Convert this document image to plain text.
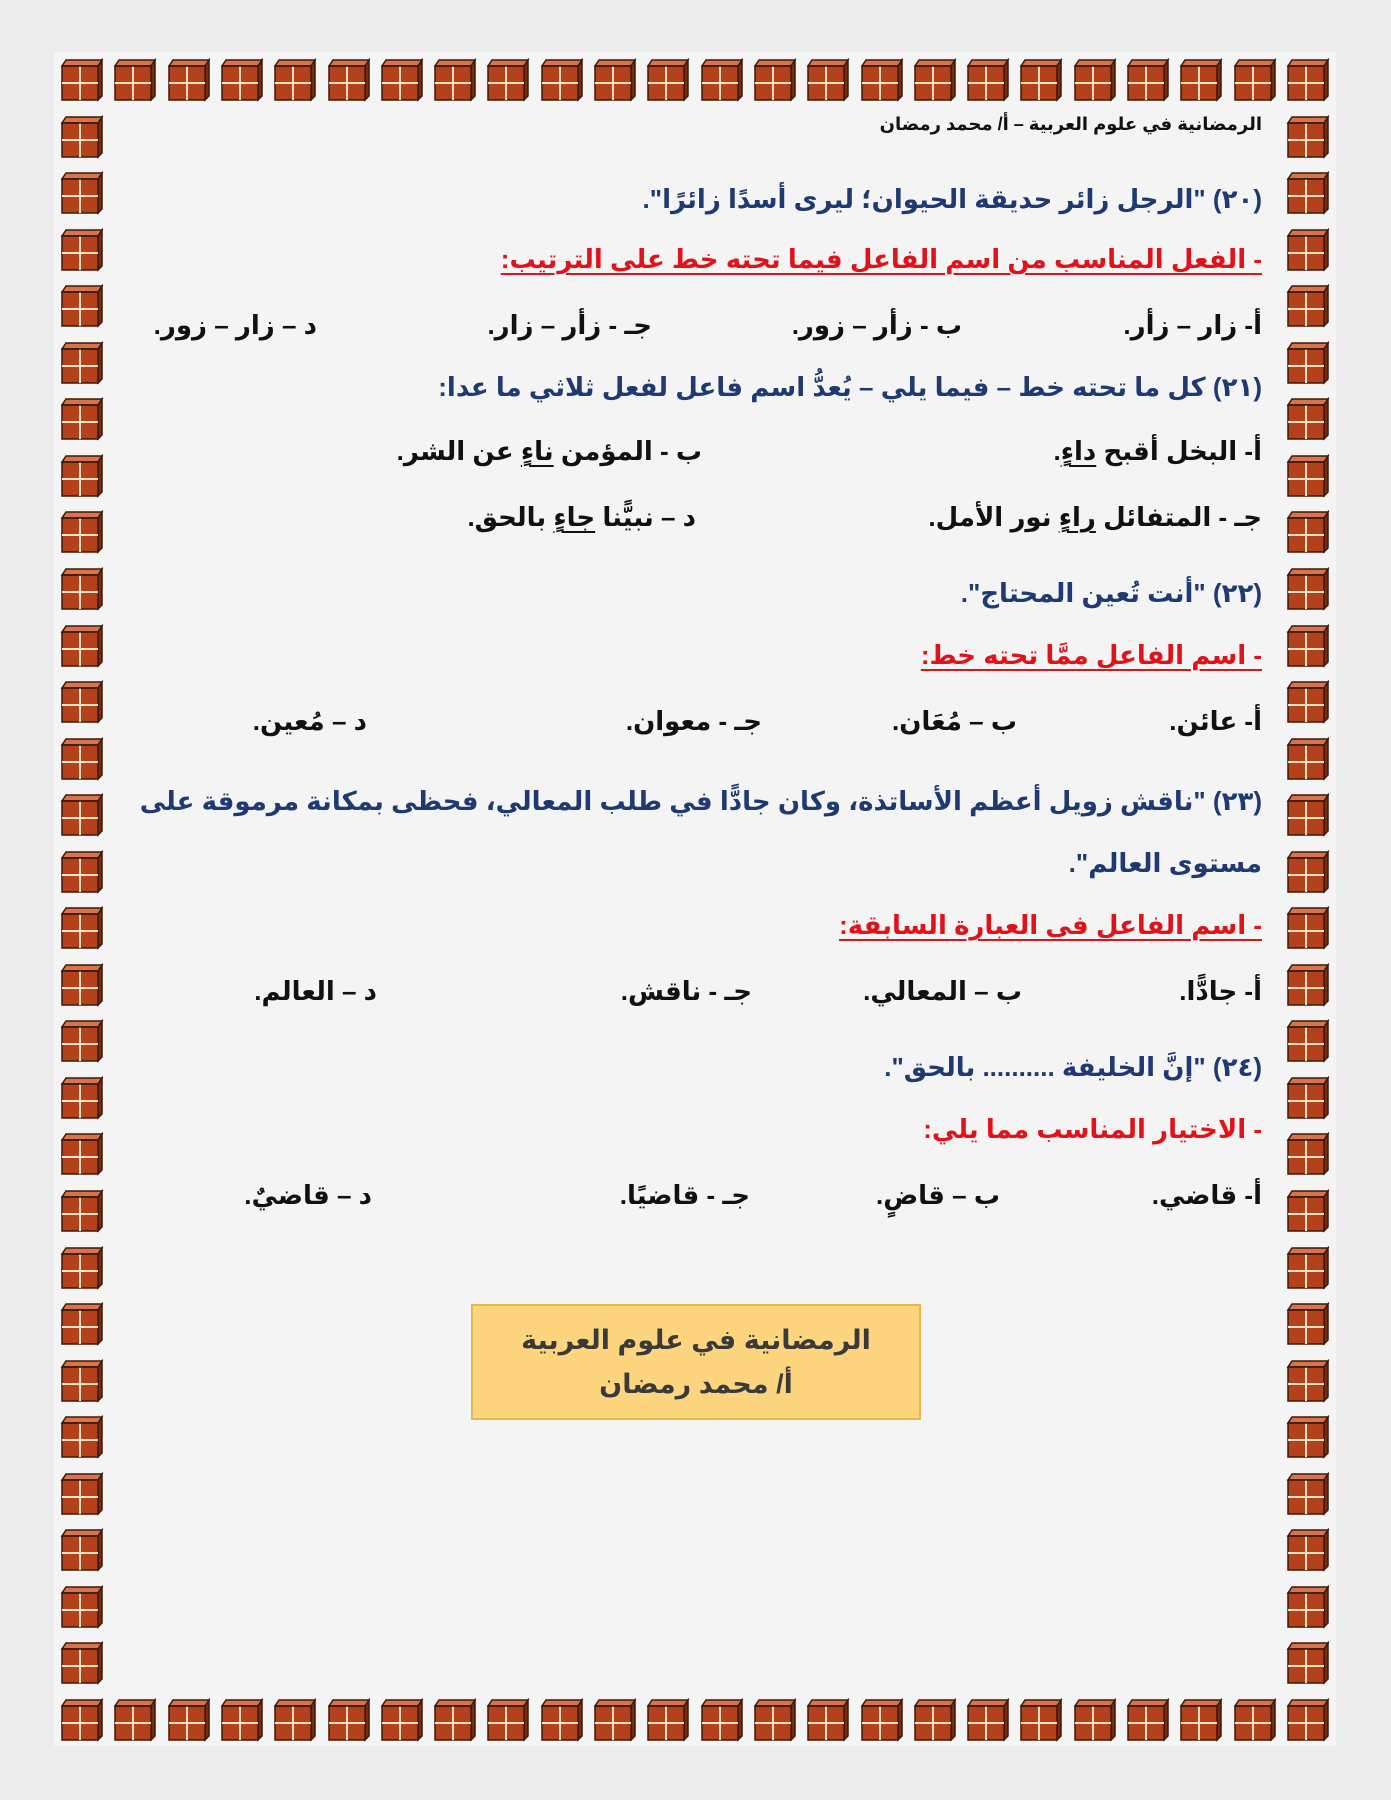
الرمضانية في علوم العربية – أ/ محمد رمضان
(٢٠) "الرجل زائر حديقة الحيوان؛ ليرى أسدًا زائرًا".
- الفعل المناسب من اسم الفاعل فيما تحته خط على الترتيب:
أ- زار – زأر.
ب - زأر – زور.
جـ - زأر – زار.
د – زار – زور.
(٢١) كل ما تحته خط – فيما يلي – يُعدُّ اسم فاعل لفعل ثلاثي ما عدا:
أ- البخل أقبح داءٍ.
ب - المؤمن ناءٍ عن الشر.
جـ - المتفائل راءٍ نور الأمل.
د – نبيًّنا جاءٍ بالحق.
(٢٢) "أنت تُعين المحتاج".
- اسم الفاعل ممَّا تحته خط:
أ- عائن.
ب – مُعَان.
جـ - معوان.
د – مُعين.
(٢٣) "ناقش زويل أعظم الأساتذة، وكان جادًّا في طلب المعالي، فحظى بمكانة مرموقة على
مستوى العالم".
- اسم الفاعل فى العبارة السابقة:
أ- جادًّا.
ب – المعالي.
جـ - ناقش.
د – العالم.
(٢٤) "إنَّ الخليفة .......... بالحق".
- الاختيار المناسب مما يلي:
أ- قاضي.
ب – قاضٍ.
جـ - قاضيًا.
د – قاضيٌ.
الرمضانية في علوم العربية
أ/ محمد رمضان
